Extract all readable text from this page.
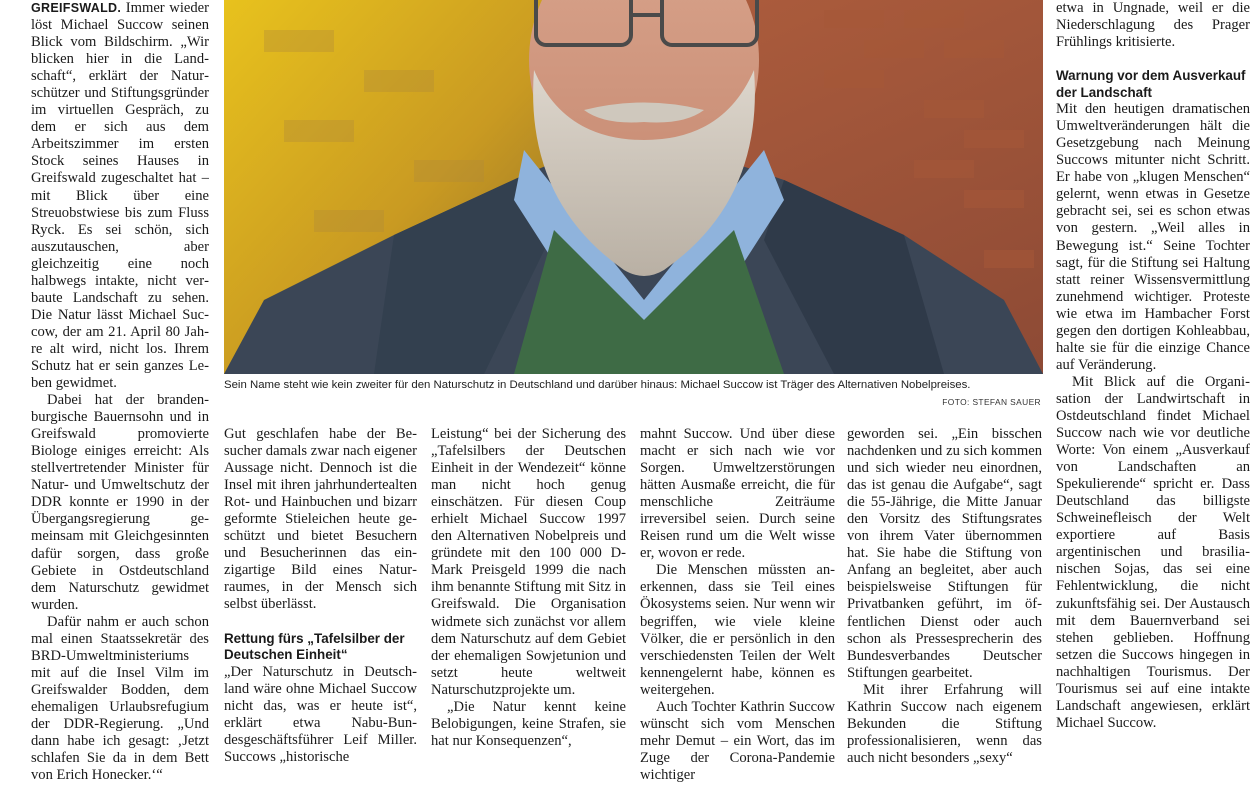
GREIFSWALD. Immer wieder löst Michael Succow seinen Blick vom Bildschirm. „Wir blicken hier in die Landschaft“, erklärt der Naturschützer und Stiftungsgründer im virtuellen Gespräch, zu dem er sich aus dem Arbeitszimmer im ersten Stock seines Hauses in Greifswald zugeschaltet hat – mit Blick über eine Streuobstwiese bis zum Fluss Ryck. Es sei schön, sich auszutauschen, aber gleichzeitig eine noch halbwegs intakte, nicht verbaute Landschaft zu sehen. Die Natur lässt Michael Succow, der am 21. April 80 Jahre alt wird, nicht los. Ihrem Schutz hat er sein ganzes Leben gewidmet.

Dabei hat der brandenburgische Bauernsohn und in Greifswald promovierte Biologe einiges erreicht: Als stellvertretender Minister für Natur- und Umweltschutz der DDR konnte er 1990 in der Übergangsregierung gemeinsam mit Gleichgesinnten dafür sorgen, dass große Gebiete in Ostdeutschland dem Naturschutz gewidmet wurden.

Dafür nahm er auch schon mal einen Staatssekretär des BRD-Umweltministeriums mit auf die Insel Vilm im Greifswalder Bodden, dem ehemaligen Urlaubsrefugium der DDR-Regierung. „Und dann habe ich gesagt: ‚Jetzt schlafen Sie da in dem Bett von Erich Honecker.‘“

Sein Name steht wie kein zweiter für den Naturschutz in Deutschland und darüber hinaus: Michael Succow ist Träger des Alternativen Nobelpreises.
FOTO: STEFAN SAUER

Gut geschlafen habe der Besucher damals zwar nach eigener Aussage nicht. Dennoch ist die Insel mit ihren jahrhundertealten Rot- und Hainbuchen und bizarr geformte Stieleichen heute geschützt und bietet Besuchern und Besucherinnen das einzigartige Bild eines Naturraumes, in der Mensch sich selbst überlässt.

Rettung fürs „Tafelsilber der Deutschen Einheit“

„Der Naturschutz in Deutschland wäre ohne Michael Succow nicht das, was er heute ist“, erklärt etwa Nabu-Bundesgeschäftsführer Leif Miller. Succows „historische

Leistung“ bei der Sicherung des „Tafelsilbers der Deutschen Einheit in der Wendezeit“ könne man nicht hoch genug einschätzen. Für diesen Coup erhielt Michael Succow 1997 den Alternativen Nobelpreis und gründete mit den 100 000 D-Mark Preisgeld 1999 die nach ihm benannte Stiftung mit Sitz in Greifswald. Die Organisation widmete sich zunächst vor allem dem Naturschutz auf dem Gebiet der ehemaligen Sowjetunion und setzt heute weltweit Naturschutzprojekte um.

„Die Natur kennt keine Belobigungen, keine Strafen, sie hat nur Konsequenzen“,

mahnt Succow. Und über diese macht er sich nach wie vor Sorgen. Umweltzerstörungen hätten Ausmaße erreicht, die für menschliche Zeiträume irreversibel seien. Durch seine Reisen rund um die Welt wisse er, wovon er rede.

Die Menschen müssten anerkennen, dass sie Teil eines Ökosystems seien. Nur wenn wir begriffen, wie viele kleine Völker, die er persönlich in den verschiedensten Teilen der Welt kennengelernt habe, können es weitergehen.

Auch Tochter Kathrin Succow wünscht sich vom Menschen mehr Demut – ein Wort, das im Zuge der Corona-Pandemie wichtiger

geworden sei. „Ein bisschen nachdenken und zu sich kommen und sich wieder neu einordnen, das ist genau die Aufgabe“, sagt die 55-Jährige, die Mitte Januar den Vorsitz des Stiftungsrates von ihrem Vater übernommen hat. Sie habe die Stiftung von Anfang an begleitet, aber auch beispielsweise Stiftungen für Privatbanken geführt, im öffentlichen Dienst oder auch schon als Pressesprecherin des Bundesverbandes Deutscher Stiftungen gearbeitet.

Mit ihrer Erfahrung will Kathrin Succow nach eigenem Bekunden die Stiftung professionalisieren, wenn das auch nicht besonders „sexy“

etwa in Ungnade, weil er die Niederschlagung des Prager Frühlings kritisierte.

Warnung vor dem Ausverkauf der Landschaft

Mit den heutigen dramatischen Umweltveränderungen hält die Gesetzgebung nach Meinung Succows mitunter nicht Schritt. Er habe von „klugen Menschen“ gelernt, wenn etwas in Gesetze gebracht sei, sei es schon etwas von gestern. „Weil alles in Bewegung ist.“ Seine Tochter sagt, für die Stiftung sei Haltung statt reiner Wissensvermittlung zunehmend wichtiger. Proteste wie etwa im Hambacher Forst gegen den dortigen Kohleabbau, halte sie für die einzige Chance auf Veränderung.

Mit Blick auf die Organisation der Landwirtschaft in Ostdeutschland findet Michael Succow nach wie vor deutliche Worte: Von einem „Ausverkauf von Landschaften an Spekulierende“ spricht er. Dass Deutschland das billigste Schweinefleisch der Welt exportiere auf Basis argentinischen und brasilianischen Sojas, das sei eine Fehlentwicklung, die nicht zukunftsfähig sei. Der Austausch mit dem Bauernverband sei stehen geblieben. Hoffnung setzen die Succows hingegen in nachhaltigen Tourismus. Der Tourismus sei auf eine intakte Landschaft angewiesen, erklärt Michael Succow.
